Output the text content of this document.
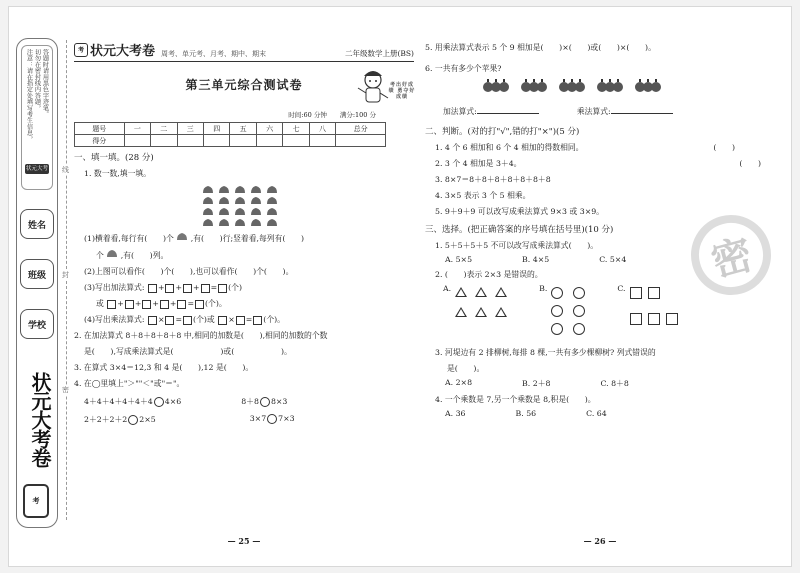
注意：请在指定处填写考生信息， 切勿在密封线内答题， 答题时请用黑色字迹笔。
状元大考卷
姓名
班级
学校
状元大考卷
考
线
封
密
考 状元大考卷 周考、单元考、月考、期中、期末	二年级数学上册(BS)
第三单元综合测试卷	考出好成绩 勇夺好成绩
时间:60 分钟　　满分:100 分
题号	一	二	三	四	五	六	七	八	总分
得分									
一、填一填。(28 分)
1. 数一数,填一填。
(1)横着看,每行有(　　)个 ,有(　　)行;竖着看,每列有(　　)
个 ,有(　　)列。
(2)上图可以看作(　　)个(　　),也可以看作(　　)个(　　)。
(3)写出加法算式: + + + = (个)
或 + + + + = (个)。
(4)写出乘法算式: × = (个)或 × = (个)。
2. 在加法算式 8＋8＋8＋8＋8 中,相同的加数是(　　),相同的加数的个数
是(　　),写成乘法算式是(　　　　　　)或(　　　　　　)。
3. 在算式 3×4＝12,3 和 4 是(　　),12 是(　　)。
4. 在◯里填上"＞""＜"或"＝"。
4＋4＋4＋4＋4＋4 4×6	8＋8 8×3
2＋2＋2＋2 2×5	3×7 7×3
— 25 —
密
5. 用乘法算式表示 5 个 9 相加是(　　)×(　　)或(　　)×(　　)。
6. 一共有多少个苹果?
加法算式:	乘法算式:
二、判断。(对的打"√",错的打"×")(5 分)
1. 4 个 6 相加和 6 个 4 相加的得数相同。	(　　)
2. 3 个 4 相加是 3＋4。	(　　)
3. 8×7＝8＋8＋8＋8＋8＋8＋8
4. 3×5 表示 3 个 5 相乘。
5. 9＋9＋9 可以改写成乘法算式 9×3 或 3×9。
三、选择。(把正确答案的序号填在括号里)(10 分)
1. 5＋5＋5＋5 不可以改写成乘法算式(　　)。
A. 5×5	B. 4×5	C. 5×4
2. (　　)表示 2×3 是错误的。
A.	B.	C.
3. 河堤边有 2 排柳树,每排 8 棵,一共有多少棵柳树? 列式错误的
是(　　)。
A. 2×8	B. 2＋8	C. 8＋8
4. 一个乘数是 7,另一个乘数是 8,积是(　　)。
A. 36	B. 56	C. 64
— 26 —
